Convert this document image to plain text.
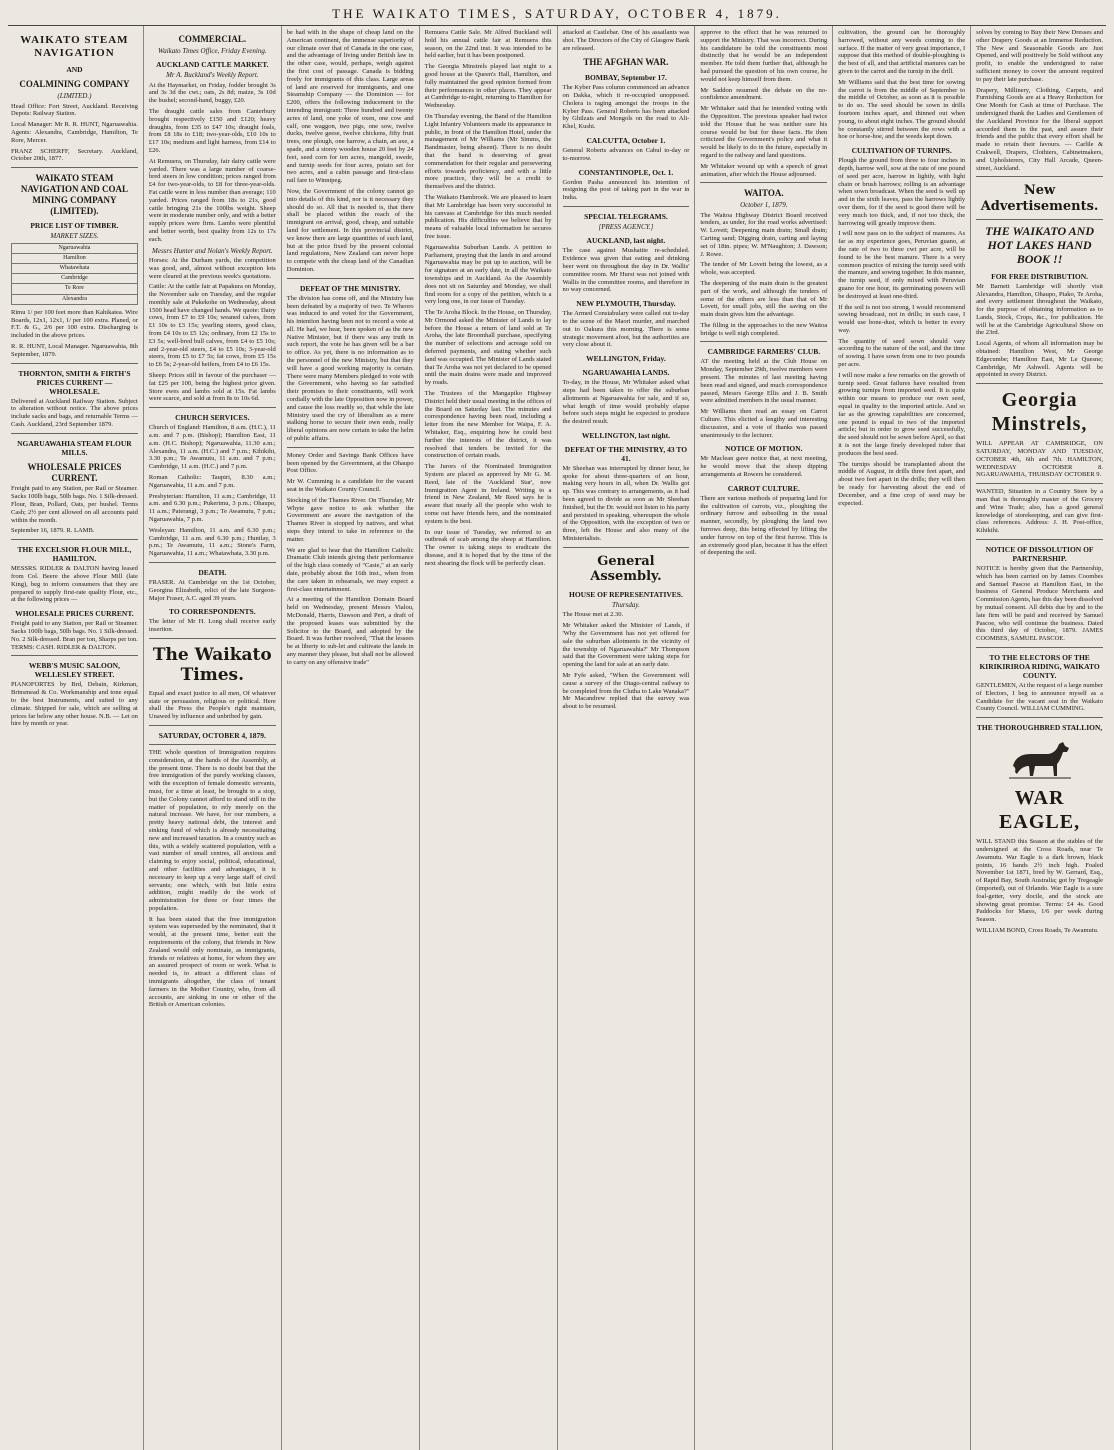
THE WAIKATO TIMES, SATURDAY, OCTOBER 4, 1879.
WAIKATO STEAM NAVIGATION
AND
COALMINING COMPANY
(LIMITED.)

Head Office: Fort Street, Auckland. Receiving Depots: Railway Station.

Local Manager: Mr R. R. HUNT, Ngaruawahia. Agents: Alexandra, Cambridge, Hamilton, Te Rore, Mercer.

FRANZ SCHERFF, Secretary. Auckland, October 20th, 1877.

WAIKATO STEAM NAVIGATION AND COAL MINING COMPANY (LIMITED).
PRICE LIST OF TIMBER.
MARKET SIZES.
Ngaruawahia
Hamilton
Whatawhata
Cambridge
Te Rore
Alexandra

Rimu 1/ per 100 feet more than Kahikatea. Wire Boards, 12x1, 12x1, 1/ per 100 extra. Planed, or F.T. & G., 2/6 per 100 extra. Discharging is included in the above prices.

R. R. HUNT, Local Manager. Ngaruawahia, 8th September, 1879.

THORNTON, SMITH & FIRTH'S PRICES CURRENT — WHOLESALE.

Delivered at Auckland Railway Station. Subject to alteration without notice. The above prices include sacks and bags, and returnable Terms — Cash. Auckland, 23rd September 1879.

NGARUAWAHIA STEAM FLOUR MILLS.
WHOLESALE PRICES CURRENT.

Freight paid to any Station, per Rail or Steamer. Sacks 100lb bags, 50lb bags. No. 1 Silk-dressed. Flour, Bran, Pollard, Oats, per bushel. Terms Cash; 2½ per cent allowed on all accounts paid within the month.

September 16, 1879. R. LAMB.

THE EXCELSIOR FLOUR MILL, HAMILTON.

MESSRS. RIDLER & DALTON having leased from Col. Beere the above Flour Mill (late King), beg to inform consumers that they are prepared to supply first-rate quality Flour, etc., at the following prices —

WHOLESALE PRICES CURRENT.

Freight paid to any Station, per Rail or Steamer. Sacks 100lb bags, 50lb bags. No. 1 Silk-dressed. No. 2 Silk-dressed. Bran per ton, Sharps per ton. TERMS: CASH. RIDLER & DALTON.

WEBB'S MUSIC SALOON, WELLESLEY STREET.

PIANOFORTES by Brd, Debain, Kirkman, Brinsmead & Co. Workmanship and tone equal to the best Instruments, and suited to any climate. Shipped for sale, which are selling at prices far below any other house. N.B. — Let on hire by month or year.

COMMERCIAL.
Waikato Times Office, Friday Evening.
AUCKLAND CATTLE MARKET.
Mr A. Buckland's Weekly Report.

At the Haymarket, on Friday, fodder brought 3s and 3s 3d the cwt.; oats, 2s 8d; maize, 3s 10d the bushel; second-hand, buggy, £20.

The draught cattle sales from Canterbury brought respectively £150 and £120; heavy draughts, from £35 to £47 10s; draught foals, from £8 18s to £18; two-year-olds, £10 10s to £17 10s; medium and light harness, from £14 to £26.

At Remuera, on Thursday, fair dairy cattle were yarded. There was a large number of coarse-bred steers in low condition; prices ranged from £4 for two-year-olds, to £8 for three-year-olds. Fat cattle were in less number than average; 110 yarded. Prices ranged from 18s to 21s, good cattle bringing 21s the 100lbs weight. Sheep were in moderate number only, and with a better supply prices were firm. Lambs were plentiful and better worth, best quality from 12s to 17s each.

Messrs Hunter and Nolan's Weekly Report.

Horses: At the Durham yards, the competition was good, and, almost without exception lots were cleared at the previous week's quotations.

Cattle: At the cattle fair at Papakura on Monday, the November sale on Tuesday, and the regular monthly sale at Pukekohe on Wednesday, about 1500 head have changed hands. We quote: Dairy cows, from £7 to £9 10s; weaned calves, from £1 10s to £3 15s; yearling steers, good class, from £4 10s to £5 12s; ordinary, from £2 15s to £3 5s; well-bred bull calves, from £4 to £5 10s; and 2-year-old steers, £4 to £5 10s; 3-year-old steers, from £5 to £7 5s; fat cows, from £5 15s to £6 5s; 2-year-old heifers, from £4 to £6 15s.

Sheep: Prices still in favour of the purchaser — fat £25 per 100, being the highest price given. Store ewes and lambs sold at 15s. Fat lambs were scarce, and sold at from 8s to 10s 6d.

CHURCH SERVICES.

Church of England: Hamilton, 8 a.m. (H.C.), 11 a.m. and 7 p.m. (Bishop); Hamilton East, 11 a.m. (H.C. Bishop); Ngaruawahia, 11.30 a.m.; Alexandra, 11 a.m. (H.C.) and 7 p.m.; Kihikihi, 3.30 p.m.; Te Awamutu, 11 a.m. and 7 p.m.; Cambridge, 11 a.m. (H.C.) and 7 p.m.

Roman Catholic: Taupiri, 8.30 a.m.; Ngaruawahia, 11 a.m. and 7 p.m.

Presbyterian: Hamilton, 11 a.m.; Cambridge, 11 a.m. and 6.30 p.m.; Pukerimu, 3 p.m.; Ohaupo, 11 a.m.; Paterangi, 3 p.m.; Te Awamutu, 7 p.m.; Ngaruawahia, 7 p.m.

Wesleyan: Hamilton, 11 a.m. and 6.30 p.m.; Cambridge, 11 a.m. and 6.30 p.m.; Huntlay, 3 p.m.; Te Awamutu, 11 a.m.; Stone's Farm, Ngaruawahia, 11 a.m.; Whatawhata, 3.30 p.m.

DEATH.

FRASER. At Cambridge on the 1st October, Georgina Elizabeth, relict of the late Surgeon-Major Fraser, A.C. aged 39 years.

TO CORRESPONDENTS.

The letter of Mr H. Long shall receive early insertion.

The Waikato Times.

Equal and exact justice to all men, Of whatever state or persuasion, religious or political. Here shall the Press the People's right maintain, Unawed by influence and unbribed by gain.

SATURDAY, OCTOBER 4, 1879.

THE whole question of Immigration requires consideration, at the hands of the Assembly, at the present time. There is no doubt but that the free immigration of the purely working classes, with the exception of female domestic servants, must, for a time at least, be brought to a stop, but the Colony cannot afford to stand still in the matter of population, to rely merely on the natural increase. We have, for our numbers, a pretty heavy national debt, the interest and sinking fund of which is already necessitating new and increased taxation. In a country such as this, with a widely scattered population, with a vast number of small centres, all anxious and claiming to enjoy social, political, educational, and other facilities and advantages, it is necessary to keep up a very large staff of civil servants; one which, with but little extra addition, might readily do the work of administration for three or four times the population.

It has been stated that the free immigration system was superseded by the nominated, that it would, at the present time, better suit the requirements of the colony, that friends in New Zealand would only nominate, as immigrants, friends or relatives at home, for whom they are an assured prospect of room or work. What is needed is, to attract a different class of immigrants altogether, the class of tenant farmers in the Mother Country, who, from all accounts, are sinking in one or other of the British or American colonies.

be had with in the shape of cheap land on the American continent, the immense superiority of our climate over that of Canada in the one case, and the advantage of living under British law in the other case, would, perhaps, weigh against the first cost of passage. Canada is bidding freely for immigrants of this class. Large areas of land are reserved for immigrants, and one Steamship Company — the Dominion — for £200, offers the following inducement to the intending immigrant: Three hundred and twenty acres of land, one yoke of oxen, one cow and calf, one waggon, two pigs, one sow, twelve ducks, twelve geese, twelve chickens, fifty fruit trees, one plough, one harrow, a chain, an axe, a spade, and a storey wooden house 20 feet by 24 feet, seed corn for ten acres, mangold, swede, and turnip seeds for four acres, potato set for two acres, and a cabin passage and first-class rail fare to Winnipeg.

Now, the Government of the colony cannot go into details of this kind, nor is it necessary they should do so. All that is needed is, that there shall be placed within the reach of the immigrant on arrival, good, cheap, and suitable land for settlement. In this provincial district, we know there are large quantities of such land, but at the price fixed by the present colonial land regulations, New Zealand can never hope to compete with the cheap land of the Canadian Dominion.

DEFEAT OF THE MINISTRY.

The division has come off, and the Ministry has been defeated by a majority of two. Te Wheoro was induced to and voted for the Government, his intention having been not to record a vote at all. He had, we hear, been spoken of as the new Native Minister, but if there was any truth in such report, the vote he has given will be a bar to office. As yet, there is no information as to the personnel of the new Ministry, but that they will have a good working majority is certain. There were many Members pledged to vote with the Government, who having so far satisfied their promises to their constituents, will work cordially with the late Opposition now in power, and cause the loss readily so, that while the late Ministry used the cry of liberalism as a mere stalking horse to secure their own ends, really liberal opinions are now certain to take the helm of public affairs.

Money Order and Savings Bank Offices have been opened by the Government, at the Ohaupo Post Office.

Mr W. Cumming is a candidate for the vacant seat in the Waikato County Council.

Stocking of the Thames River. On Thursday, Mr Whyte gave notice to ask whether the Government are aware the navigation of the Thames River is stopped by natives, and what steps they intend to take in reference to the matter.

We are glad to hear that the Hamilton Catholic Dramatic Club intends giving their performance of the high class comedy of "Caste," at an early date, probably about the 16th inst., when from the care taken in rehearsals, we may expect a first-class entertainment.

At a meeting of the Hamilton Domain Board held on Wednesday, present Messrs Vialou, McDonald, Harris, Dawson and Pert, a draft of the proposed leases was submitted by the Solicitor to the Board, and adopted by the Board. It was further resolved, "That the lessees be at liberty to sub-let and cultivate the lands in any manner they please, but shall not be allowed to carry on any offensive trade"

Remuera Cattle Sale. Mr Alfred Buckland will hold his annual cattle fair at Remuera this season, on the 22nd inst. It was intended to be held earlier, but it has been postponed.

The Georgia Minstrels played last night to a good house at the Queen's Hall, Hamilton, and fully maintained the good opinion formed from their performances in other places. They appear at Cambridge to-night, returning to Hamilton for Wednesday.

On Thursday evening, the Band of the Hamilton Light Infantry Volunteers made its appearance in public, in front of the Hamilton Hotel, under the management of Mr Williams (Mr Simms, the Bandmaster, being absent). There is no doubt that the band is deserving of great commendation for their regular and persevering efforts towards proficiency, and with a little more practice, they will be a credit to themselves and the district.

The Waikato Hambrook. We are pleased to learn that Mr Lambridge has been very successful in his canvass at Cambridge for this much needed publication. His difficulties we believe that by means of valuable local information he secures free issue.

Ngaruawahia Suburban Lands. A petition to Parliament, praying that the lands in and around Ngaruawahia may be put up to auction, will be for signature at an early date, in all the Waikato townships and in Auckland. As the Assembly does not sit on Saturday and Monday, we shall find room for a copy of the petition, which is a very long one, in our issue of Tuesday.

The Te Aroha Block. In the House, on Thursday, Mr Ormond asked the Minister of Lands to lay before the House a return of land sold at Te Aroha, the late Broomhall purchase, specifying the number of selections and acreage sold on deferred payments, and stating whether such land was occupied. The Minister of Lands stated that Te Aroha was not yet declared to be opened until the main drains were made and improved by roads.

The Trustees of the Mangapiko Highway District held their usual meeting in the offices of the Board on Saturday last. The minutes and correspondence having been read, including a letter from the new Member for Waipa, F. A. Whitaker, Esq., enquiring how he could best further the interests of the district, it was resolved that tenders be invited for the construction of certain roads.

The Jurors of the Nominated Immigration System are placed as approved by Mr G. M. Reed, late of the 'Auckland Star', now Immigration Agent in Ireland. Writing to a friend in New Zealand, Mr Reed says he is aware that nearly all the people who wish to come out have friends here, and the nominated system is the best.

In our issue of Tuesday, we referred to an outbreak of scab among the sheep at Hamilton. The owner is taking steps to eradicate the disease, and it is hoped that by the time of the next shearing the flock will be perfectly clean.

attacked at Castlebar. One of his assailants was shot. The Directors of the City of Glasgow Bank are released.

THE AFGHAN WAR.
BOMBAY, September 17.

The Kyber Pass column commenced an advance on Dakka, which it re-occupied unopposed. Cholera is raging amongst the troops in the Kyber Pass. General Roberts has been attacked by Ghilzais and Mongols on the road to Ali-Khel, Kushi.

CALCUTTA, October 1.

General Roberts advances on Cabul to-day or to-morrow.

CONSTANTINOPLE, Oct. 1.

Gordon Pasha announced his intention of resigning the post of taking part in the war in India.

SPECIAL TELEGRAMS.
[PRESS AGENCY.]
AUCKLAND, last night.

The case against Mushattie re-scheduled. Evidence was given that eating and drinking beer went on throughout the day in Dr. Wallis' committee room. Mr Hurst was not joined with Wallis in the committee rooms, and therefore in no way concerned.

NEW PLYMOUTH, Thursday.

The Armed Constabulary were called out to-day to the scene of the Maori murder, and marched out to Oakura this morning. There is some strategic movement afoot, but the authorities are very close about it.

WELLINGTON, Friday.
NGARUAWAHIA LANDS.

To-day, in the House, Mr Whitaker asked what steps had been taken to offer the suburban allotments at Ngaruawahia for sale, and if so, what length of time would probably elapse before such steps might be expected to produce the desired result.

WELLINGTON, last night.
DEFEAT OF THE MINISTRY, 43 TO 41.

Mr Sheehan was interrupted by dinner hour, he spoke for about three-quarters of an hour, making very hours in all, when Dr. Wallis got up. This was contrary to arrangements, as it had been agreed to divide as soon as Mr Sheehan finished, but the Dr. would not listen to his party and persisted in speaking, whereupon the whole of the Opposition, with the exception of two or three, left the House and also many of the Ministerialists.

General Assembly.
HOUSE OF REPRESENTATIVES.
Thursday.

The House met at 2.30.

Mr Whitaker asked the Minister of Lands, if 'Why the Government has not yet offered for sale the suburban allotments in the vicinity of the township of Ngaruawahia?' Mr Thompson said that the Government were taking steps for opening the land for sale at an early date.

Mr Fyfe asked, "When the Government will cause a survey of the Otago-central railway to be completed from the Clutha to Lake Wanaka?" Mr Macandrew replied that the survey was about to be resumed.

approve to the effect that he was returned to support the Ministry. That was incorrect. During his candidature he told the constituents most distinctly that he would be an independent member. He told them further that, although he had pursued the question of his own course, he would not keep himself from them.

Mr Saddon resumed the debate on the no-confidence amendment.

Mr Whitaker said that he intended voting with the Opposition. The previous speaker had twice told the House that he was neither sure his course would be but for these facts. He then criticized the Government's policy and what it would be likely to do in the future, especially in regard to the railway and land questions.

Mr Whitaker wound up with a speech of great animation, after which the House adjourned.

WAITOA.
October 1, 1879.

The Waitoa Highway District Board received tenders, as under, for the road works advertised: W. Lovett; Deepening main drain; Small drain; Carting sand; Digging drain, carting and laying set of 18in. pipes; W. M'Naughton; J. Dawson; J. Rowe.

The tender of Mr Lovett being the lowest, as a whole, was accepted.

The deepening of the main drain is the greatest part of the work, and although the tenders of some of the others are less than that of Mr Lovett, for small jobs, still the saving on the main drain gives him the advantage.

The filling in the approaches to the new Waitoa bridge is well nigh completed.

CAMBRIDGE FARMERS' CLUB.

AT the meeting held at the Club House on Monday, September 29th, twelve members were present. The minutes of last meeting having been read and signed, and much correspondence passed, Messrs George Ellis and J. B. Smith were admitted members in the usual manner.

Mr Williams then read an essay on Carrot Culture. This elicited a lengthy and interesting discussion, and a vote of thanks was passed unanimously to the lecturer.

NOTICE OF MOTION.

Mr Maclean gave notice that, at next meeting, he would move that the sheep dipping arrangements at Rowers be considered.

CARROT CULTURE.

There are various methods of preparing land for the cultivation of carrots, viz., ploughing the ordinary furrow and subsoiling in the usual manner, secondly, by ploughing the land two furrows deep, this being effected by lifting the under furrow on top of the first furrow. This is an extremely good plan, because it has the effect of deepening the soil.

cultivation, the ground can be thoroughly harrowed, without any weeds coming to the surface. If the matter of very great importance, I suppose that this method of double-ploughing is the best of all, and that artificial manures can be given to the carrot and the turnip in the drill.

Mr Williams said that the best time for sowing the carrot is from the middle of September to the middle of October, as soon as it is possible to do so. The seed should be sown in drills fourteen inches apart, and thinned out when young, to about eight inches. The ground should be constantly stirred between the rows with a hoe or horse-hoe, and the weeds kept down.

CULTIVATION OF TURNIPS.

Plough the ground from three to four inches in depth, harrow well, sow at the rate of one pound of seed per acre, harrow in lightly, with light chain or brush harrows; rolling is an advantage when sown broadcast. When the seed is well up and in the sixth leaves, pass the harrows lightly over them, for if the seed is good there will be very much too thick, and, if not too thick, the harrowing will greatly improve them.

I will now pass on to the subject of manures. As far as my experience goes, Peruvian guano, at the rate of two to three cwt per acre, will be found to be the best manure. There is a very common practice of mixing the turnip seed with the manure, and sowing together. In this manner, the turnip seed, if only mixed with Peruvian guano for one hour, its germinating powers will be destroyed at least one-third.

If the soil is not too strong, I would recommend sowing broadcast, not in drills; in such case, I would use bone-dust, which is better in every way.

The quantity of seed sown should vary according to the nature of the soil, and the time of sowing. I have sown from one to two pounds per acre.

I will now make a few remarks on the growth of turnip seed. Great failures have resulted from growing turnips from imported seed. It is quite within our means to produce our own seed, equal in quality to the imported article. And so far as the growing capabilities are concerned, one pound is equal to two of the imported article; but in order to grow seed successfully, the seed should not be sown before April, so that it is not the large finely developed tuber that produces the best seed.

The turnips should be transplanted about the middle of August, in drills three feet apart, and about two feet apart in the drills; they will then be ready for harvesting about the end of December, and a fine crop of seed may be expected.

solves by coming to Buy their New Dresses and other Drapery Goods at an Immense Reduction. The New and Seasonable Goods are Just Opened, and will positively be Sold without any profit, to enable the undersigned to raise sufficient money to cover the amount required to pay their late purchase.

Drapery, Millinery, Clothing, Carpets, and Furnishing Goods are at a Heavy Reduction for One Month for Cash at time of Purchase. The undersigned thank the Ladies and Gentlemen of the Auckland Province for the liberal support accorded them in the past, and assure their friends and the public that every effort shall be made to retain their favours. — Carlile & Crakwell, Drapers, Clothiers, Cabinetmakers, and Upholsterers, City Hall Arcade, Queen-street, Auckland.

New Advertisements.
THE WAIKATO AND HOT LAKES HAND BOOK !!
FOR FREE DISTRIBUTION.

Mr Barnett Lambridge will shortly visit Alexandra, Hamilton, Ohaupo, Piako, Te Aroha, and every settlement throughout the Waikato, for the purpose of obtaining information as to Lands, Stock, Crops, &c., for publication. He will be at the Cambridge Agricultural Show on the 23rd.

Local Agents, of whom all information may be obtained: Hamilton West, Mr George Edgecumbe; Hamilton East, Mr Le Quesne; Cambridge, Mr Ashwell. Agents will be appointed in every District.

Georgia Minstrels,

WILL APPEAR AT CAMBRIDGE, ON SATURDAY, MONDAY AND TUESDAY, OCTOBER 4th, 6th and 7th. HAMILTON, WEDNESDAY OCTOBER 8. NGARUAWAHIA, THURSDAY OCTOBER 9.

WANTED, Situation in a Country Store by a man that is thoroughly master of the Grocery and Wine Trade; also, has a good general knowledge of storekeeping, and can give first-class references. Address: J. H. Post-office, Kihikihi.

NOTICE OF DISSOLUTION OF PARTNERSHIP.

NOTICE is hereby given that the Partnership, which has been carried on by James Coombes and Samuel Pascoe at Hamilton East, in the business of General Produce Merchants and Commission Agents, has this day been dissolved by mutual consent. All debts due by and to the late firm will be paid and received by Samuel Pascoe, who will continue the business. Dated this third day of October, 1879. JAMES COOMBES, SAMUEL PASCOE.

TO THE ELECTORS OF THE KIRIKIRIROA RIDING, WAIKATO COUNTY.

GENTLEMEN, At the request of a large number of Electors, I beg to announce myself as a Candidate for the vacant seat in the Waikato County Council. WILLIAM CUMMING.

THE THOROUGHBRED STALLION,
WAR EAGLE,

WILL STAND this Season at the stables of the undersigned at the Cross Roads, near Te Awamutu. War Eagle is a dark brown, black points, 16 hands 2½ inch high. Foaled November 1st 1871, bred by W. Gerrard, Esq., of Rapid Bay, South Australia; got by Tregeagle (imported), out of Orlando. War Eagle is a sure foal-getter, very docile, and the stock are showing great promise. Terms: £4 4s. Good Paddocks for Mares, 1/6 per week during Season.

WILLIAM BOND, Cross Roads, Te Awamutu.
